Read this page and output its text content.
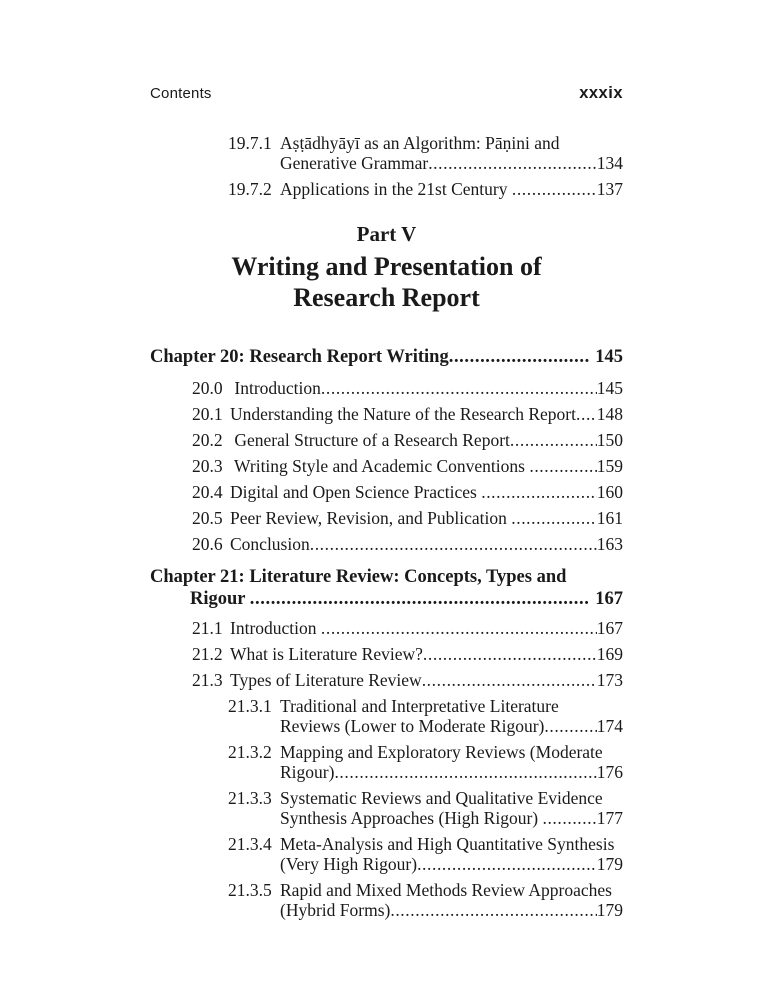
Contents	xxxix
19.7.1 Aṣṭādhyāyī as an Algorithm: Pāṇini and
Generative Grammar .....	134
19.7.2 Applications in the 21st Century .....	137
Part V
Writing and Presentation of
Research Report
Chapter 20: Research Report Writing .....	145
20.0 Introduction .....	145
20.1 Understanding the Nature of the Research Report ..... 148
20.2 General Structure of a Research Report .....	150
20.3 Writing Style and Academic Conventions .....	159
20.4 Digital and Open Science Practices .....	160
20.5 Peer Review, Revision, and Publication .....	161
20.6 Conclusion .....	163
Chapter 21: Literature Review: Concepts, Types and
Rigour .....	167
21.1 Introduction .....	167
21.2 What is Literature Review? .....	169
21.3 Types of Literature Review .....	173
21.3.1 Traditional and Interpretative Literature
Reviews (Lower to Moderate Rigour) .....	174
21.3.2 Mapping and Exploratory Reviews (Moderate
Rigour) .....	176
21.3.3 Systematic Reviews and Qualitative Evidence
Synthesis Approaches (High Rigour) .....	177
21.3.4 Meta-Analysis and High Quantitative Synthesis
(Very High Rigour) .....	179
21.3.5 Rapid and Mixed Methods Review Approaches
(Hybrid Forms) .....	179
